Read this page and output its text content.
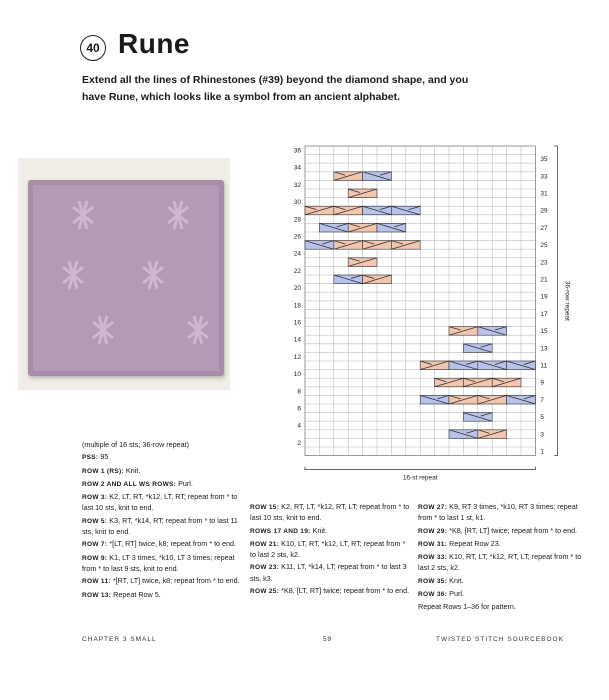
40 Rune
Extend all the lines of Rhinestones (#39) beyond the diamond shape, and you have Rune, which looks like a symbol from an ancient alphabet.
36
34
32
30
28
26
24
22
20
18
16
14
12
10
8
6
4
2
35
33
31
29
27
25
23
21
19
17
15
13
11
9
7
5
3
1
36-row repeat
16-st repeat
(multiple of 16 sts; 36-row repeat)
PSS: 95
ROW 1 (RS): Knit.
ROW 2 AND ALL WS ROWS: Purl.
ROW 3: K2, LT, RT, *k12, LT, RT; repeat from * to last 10 sts, knit to end.
ROW 5: K3, RT, *k14, RT; repeat from * to last 11 sts, knit to end.
ROW 7: *[LT, RT] twice, k8; repeat from * to end.
ROW 9: K1, LT 3 times, *k10, LT 3 times; repeat from * to last 9 sts, knit to end.
ROW 11: *[RT, LT] twice, k8; repeat from * to end.
ROW 13: Repeat Row 5.
ROW 15: K2, RT, LT, *k12, RT, LT; repeat from * to last 10 sts, knit to end.
ROWS 17 AND 19: Knit.
ROW 21: K10, LT, RT, *k12, LT, RT; repeat from * to last 2 sts, k2.
ROW 23: K11, LT, *k14, LT; repeat from * to last 3 sts, k3.
ROW 25: *K8, [LT, RT] twice; repeat from * to end.
ROW 27: K9, RT 3 times, *k10, RT 3 times; repeat from * to last 1 st, k1.
ROW 29: *K8, [RT, LT] twice; repeat from * to end.
ROW 31: Repeat Row 23.
ROW 33: K10, RT, LT, *k12, RT, LT; repeat from * to last 2 sts, k2.
ROW 35: Knit.
ROW 36: Purl.
Repeat Rows 1–36 for pattern.
CHAPTER 3 SMALL	59	TWISTED STITCH SOURCEBOOK
